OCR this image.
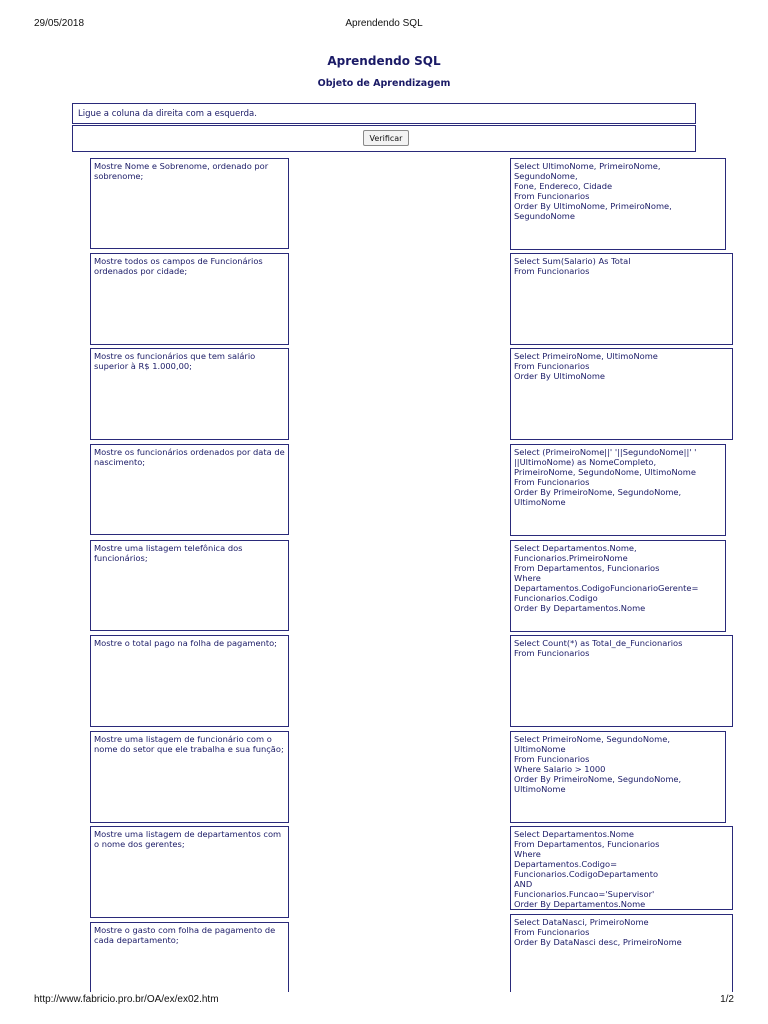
29/05/2018	Aprendendo SQL
Aprendendo SQL
Objeto de Aprendizagem
Ligue a coluna da direita com a esquerda.
Verificar
Mostre Nome e Sobrenome, ordenado por sobrenome;
Mostre todos os campos de Funcionários ordenados por cidade;
Mostre os funcionários que tem salário superior à R$ 1.000,00;
Mostre os funcionários ordenados por data de nascimento;
Mostre uma listagem telefônica dos funcionários;
Mostre o total pago na folha de pagamento;
Mostre uma listagem de funcionário com o nome do setor que ele trabalha e sua função;
Mostre uma listagem de departamentos com o nome dos gerentes;
Mostre o gasto com folha de pagamento de cada departamento;
Select UltimoNome, PrimeiroNome,
SegundoNome,
Fone, Endereco, Cidade
From Funcionarios
Order By UltimoNome, PrimeiroNome,
SegundoNome
Select Sum(Salario) As Total
From Funcionarios
Select PrimeiroNome, UltimoNome
From Funcionarios
Order By UltimoNome
Select (PrimeiroNome||' '||SegundoNome||' '
||UltimoNome) as NomeCompleto,
PrimeiroNome, SegundoNome, UltimoNome
From Funcionarios
Order By PrimeiroNome, SegundoNome,
UltimoNome
Select Departamentos.Nome,
Funcionarios.PrimeiroNome
From Departamentos, Funcionarios
Where
Departamentos.CodigoFuncionarioGerente=
Funcionarios.Codigo
Order By Departamentos.Nome
Select Count(*) as Total_de_Funcionarios
From Funcionarios
Select PrimeiroNome, SegundoNome,
UltimoNome
From Funcionarios
Where Salario > 1000
Order By PrimeiroNome, SegundoNome,
UltimoNome
Select Departamentos.Nome
From Departamentos, Funcionarios
Where
Departamentos.Codigo=
Funcionarios.CodigoDepartamento
AND
Funcionarios.Funcao='Supervisor'
Order By Departamentos.Nome
Select DataNasci, PrimeiroNome
From Funcionarios
Order By DataNasci desc, PrimeiroNome
http://www.fabricio.pro.br/OA/ex/ex02.htm	1/2
